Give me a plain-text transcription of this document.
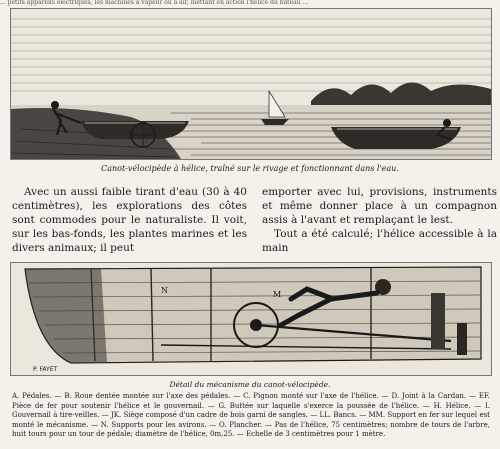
... petits appareils électriques, les machines à vapeur ou à air, mettant en action l'hélice du bateau ...
Canot-vélocipède à hélice, traîné sur le rivage et fonctionnant dans l'eau.

Avec un aussi faible tirant d'eau (30 à 40 centimètres), les explorations des côtes sont commodes pour le naturaliste. Il voit, sur les bas-fonds, les plantes marines et les divers animaux; il peut

emporter avec lui, provisions, instruments et même donner place à un compagnon assis à l'avant et remplaçant le lest.

Tout a été calculé; l'hélice accessible à la main

N	M
P. FAYET
Détail du mécanisme du canot-vélocipède.
A. Pédales. — B. Roue dentée montée sur l'axe des pédales. — C. Pignon monté sur l'axe de l'hélice. — D. Joint à la Cardan. — EF. Pièce de fer pour soutenir l'hélice et le gouvernail. — G. Buttée sur laquelle s'exerce la poussée de l'hélice. — H. Hélice. — I. Gouvernail à tire-veilles. — JK. Siège composé d'un cadre de bois garni de sangles. — LL. Bancs. — MM. Support en fer sur lequel est monté le mécanisme. — N. Supports pour les avirons. — O. Plancher. — Pas de l'hélice, 75 centimètres; nombre de tours de l'arbre, huit tours pour un tour de pédale; diamètre de l'hélice, 0m,25. — Echelle de 3 centimètres pour 1 mètre.
